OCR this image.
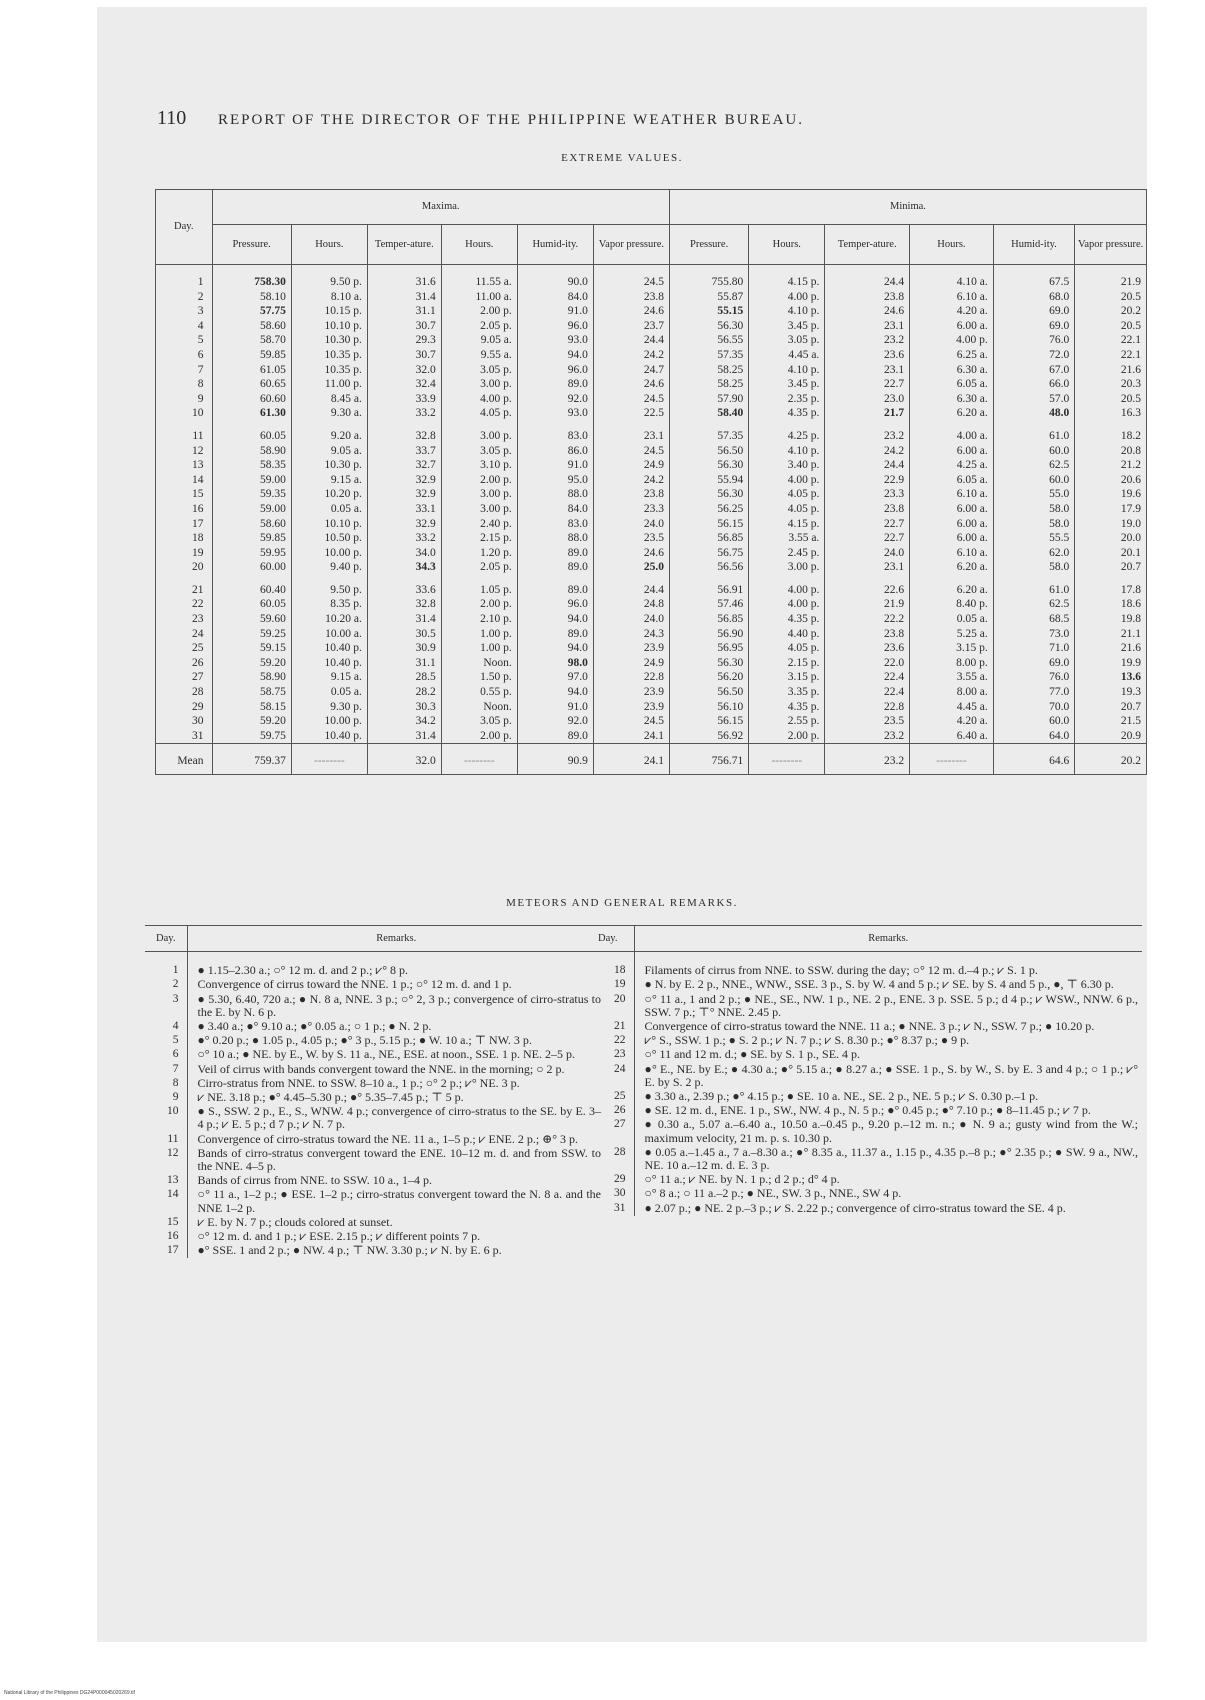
110 REPORT OF THE DIRECTOR OF THE PHILIPPINE WEATHER BUREAU.
EXTREME VALUES.
Day.	Maxima.						Minima.					
	Pressure.	Hours.	Temper-ature.	Hours.	Humid-ity.	Vapor pressure.	Pressure.	Hours.	Temper-ature.	Hours.	Humid-ity.	Vapor pressure.
1	758.30	9.50 p.	31.6	11.55 a.	90.0	24.5	755.80	4.15 p.	24.4	4.10 a.	67.5	21.9
2	58.10	8.10 a.	31.4	11.00 a.	84.0	23.8	55.87	4.00 p.	23.8	6.10 a.	68.0	20.5
3	57.75	10.15 p.	31.1	2.00 p.	91.0	24.6	55.15	4.10 p.	24.6	4.20 a.	69.0	20.2
4	58.60	10.10 p.	30.7	2.05 p.	96.0	23.7	56.30	3.45 p.	23.1	6.00 a.	69.0	20.5
5	58.70	10.30 p.	29.3	9.05 a.	93.0	24.4	56.55	3.05 p.	23.2	4.00 p.	76.0	22.1
6	59.85	10.35 p.	30.7	9.55 a.	94.0	24.2	57.35	4.45 a.	23.6	6.25 a.	72.0	22.1
7	61.05	10.35 p.	32.0	3.05 p.	96.0	24.7	58.25	4.10 p.	23.1	6.30 a.	67.0	21.6
8	60.65	11.00 p.	32.4	3.00 p.	89.0	24.6	58.25	3.45 p.	22.7	6.05 a.	66.0	20.3
9	60.60	8.45 a.	33.9	4.00 p.	92.0	24.5	57.90	2.35 p.	23.0	6.30 a.	57.0	20.5
10	61.30	9.30 a.	33.2	4.05 p.	93.0	22.5	58.40	4.35 p.	21.7	6.20 a.	48.0	16.3
11	60.05	9.20 a.	32.8	3.00 p.	83.0	23.1	57.35	4.25 p.	23.2	4.00 a.	61.0	18.2
12	58.90	9.05 a.	33.7	3.05 p.	86.0	24.5	56.50	4.10 p.	24.2	6.00 a.	60.0	20.8
13	58.35	10.30 p.	32.7	3.10 p.	91.0	24.9	56.30	3.40 p.	24.4	4.25 a.	62.5	21.2
14	59.00	9.15 a.	32.9	2.00 p.	95.0	24.2	55.94	4.00 p.	22.9	6.05 a.	60.0	20.6
15	59.35	10.20 p.	32.9	3.00 p.	88.0	23.8	56.30	4.05 p.	23.3	6.10 a.	55.0	19.6
16	59.00	0.05 a.	33.1	3.00 p.	84.0	23.3	56.25	4.05 p.	23.8	6.00 a.	58.0	17.9
17	58.60	10.10 p.	32.9	2.40 p.	83.0	24.0	56.15	4.15 p.	22.7	6.00 a.	58.0	19.0
18	59.85	10.50 p.	33.2	2.15 p.	88.0	23.5	56.85	3.55 a.	22.7	6.00 a.	55.5	20.0
19	59.95	10.00 p.	34.0	1.20 p.	89.0	24.6	56.75	2.45 p.	24.0	6.10 a.	62.0	20.1
20	60.00	9.40 p.	34.3	2.05 p.	89.0	25.0	56.56	3.00 p.	23.1	6.20 a.	58.0	20.7
21	60.40	9.50 p.	33.6	1.05 p.	89.0	24.4	56.91	4.00 p.	22.6	6.20 a.	61.0	17.8
22	60.05	8.35 p.	32.8	2.00 p.	96.0	24.8	57.46	4.00 p.	21.9	8.40 p.	62.5	18.6
23	59.60	10.20 a.	31.4	2.10 p.	94.0	24.0	56.85	4.35 p.	22.2	0.05 a.	68.5	19.8
24	59.25	10.00 a.	30.5	1.00 p.	89.0	24.3	56.90	4.40 p.	23.8	5.25 a.	73.0	21.1
25	59.15	10.40 p.	30.9	1.00 p.	94.0	23.9	56.95	4.05 p.	23.6	3.15 p.	71.0	21.6
26	59.20	10.40 p.	31.1	Noon.	98.0	24.9	56.30	2.15 p.	22.0	8.00 p.	69.0	19.9
27	58.90	9.15 a.	28.5	1.50 p.	97.0	22.8	56.20	3.15 p.	22.4	3.55 a.	76.0	13.6
28	58.75	0.05 a.	28.2	0.55 p.	94.0	23.9	56.50	3.35 p.	22.4	8.00 a.	77.0	19.3
29	58.15	9.30 p.	30.3	Noon.	91.0	23.9	56.10	4.35 p.	22.8	4.45 a.	70.0	20.7
30	59.20	10.00 p.	34.2	3.05 p.	92.0	24.5	56.15	2.55 p.	23.5	4.20 a.	60.0	21.5
31	59.75	10.40 p.	31.4	2.00 p.	89.0	24.1	56.92	2.00 p.	23.2	6.40 a.	64.0	20.9
Mean	759.37	--------	32.0	--------	90.9	24.1	756.71	--------	23.2	--------	64.6	20.2
METEORS AND GENERAL REMARKS.
Day.	Remarks.
1	● 1.15–2.30 a.; ○° 12 m. d. and 2 p.; ⩗° 8 p.
2	Convergence of cirrus toward the NNE. 1 p.; ○° 12 m. d. and 1 p.
3	● 5.30, 6.40, 720 a.; ● N. 8 a, NNE. 3 p.; ○° 2, 3 p.; convergence of cirro-stratus to the E. by N. 6 p.
4	● 3.40 a.; ●° 9.10 a.; ●° 0.05 a.; ○ 1 p.; ● N. 2 p.
5	●° 0.20 p.; ● 1.05 p., 4.05 p.; ●° 3 p., 5.15 p.; ● W. 10 a.; ⊤ NW. 3 p.
6	○° 10 a.; ● NE. by E., W. by S. 11 a., NE., ESE. at noon., SSE. 1 p. NE. 2–5 p.
7	Veil of cirrus with bands convergent toward the NNE. in the morning; ○ 2 p.
8	Cirro-stratus from NNE. to SSW. 8–10 a., 1 p.; ○° 2 p.; ⩗° NE. 3 p.
9	⩗ NE. 3.18 p.; ●° 4.45–5.30 p.; ●° 5.35–7.45 p.; ⊤ 5 p.
10	● S., SSW. 2 p., E., S., WNW. 4 p.; convergence of cirro-stratus to the SE. by E. 3–4 p.; ⩗ E. 5 p.; d 7 p.; ⩗ N. 7 p.
11	Convergence of cirro-stratus toward the NE. 11 a., 1–5 p.; ⩗ ENE. 2 p.; ⊕° 3 p.
12	Bands of cirro-stratus convergent toward the ENE. 10–12 m. d. and from SSW. to the NNE. 4–5 p.
13	Bands of cirrus from NNE. to SSW. 10 a., 1–4 p.
14	○° 11 a., 1–2 p.; ● ESE. 1–2 p.; cirro-stratus convergent toward the N. 8 a. and the NNE 1–2 p.
15	⩗ E. by N. 7 p.; clouds colored at sunset.
16	○° 12 m. d. and 1 p.; ⩗ ESE. 2.15 p.; ⩗ different points 7 p.
17	●° SSE. 1 and 2 p.; ● NW. 4 p.; ⊤ NW. 3.30 p.; ⩗ N. by E. 6 p.
Day.	Remarks.
18	Filaments of cirrus from NNE. to SSW. during the day; ○° 12 m. d.–4 p.; ⩗ S. 1 p.
19	● N. by E. 2 p., NNE., WNW., SSE. 3 p., S. by W. 4 and 5 p.; ⩗ SE. by S. 4 and 5 p., ●, ⊤ 6.30 p.
20	○° 11 a., 1 and 2 p.; ● NE., SE., NW. 1 p., NE. 2 p., ENE. 3 p. SSE. 5 p.; d 4 p.; ⩗ WSW., NNW. 6 p., SSW. 7 p.; ⊤° NNE. 2.45 p.
21	Convergence of cirro-stratus toward the NNE. 11 a.; ● NNE. 3 p.; ⩗ N., SSW. 7 p.; ● 10.20 p.
22	⩗° S., SSW. 1 p.; ● S. 2 p.; ⩗ N. 7 p.; ⩗ S. 8.30 p.; ●° 8.37 p.; ● 9 p.
23	○° 11 and 12 m. d.; ● SE. by S. 1 p., SE. 4 p.
24	●° E., NE. by E.; ● 4.30 a.; ●° 5.15 a.; ● 8.27 a.; ● SSE. 1 p., S. by W., S. by E. 3 and 4 p.; ○ 1 p.; ⩗° E. by S. 2 p.
25	● 3.30 a., 2.39 p.; ●° 4.15 p.; ● SE. 10 a. NE., SE. 2 p., NE. 5 p.; ⩗ S. 0.30 p.–1 p.
26	● SE. 12 m. d., ENE. 1 p., SW., NW. 4 p., N. 5 p.; ●° 0.45 p.; ●° 7.10 p.; ● 8–11.45 p.; ⩗ 7 p.
27	● 0.30 a., 5.07 a.–6.40 a., 10.50 a.–0.45 p., 9.20 p.–12 m. n.; ● N. 9 a.; gusty wind from the W.; maximum velocity, 21 m. p. s. 10.30 p.
28	● 0.05 a.–1.45 a., 7 a.–8.30 a.; ●° 8.35 a., 11.37 a., 1.15 p., 4.35 p.–8 p.; ●° 2.35 p.; ● SW. 9 a., NW., NE. 10 a.–12 m. d. E. 3 p.
29	○° 11 a.; ⩗ NE. by N. 1 p.; d 2 p.; d° 4 p.
30	○° 8 a.; ○ 11 a.–2 p.; ● NE., SW. 3 p., NNE., SW 4 p.
31	● 2.07 p.; ● NE. 2 p.–3 p.; ⩗ S. 2.22 p.; convergence of cirro-stratus toward the SE. 4 p.
National Library of the Philippines DG24P000045020269.tif
